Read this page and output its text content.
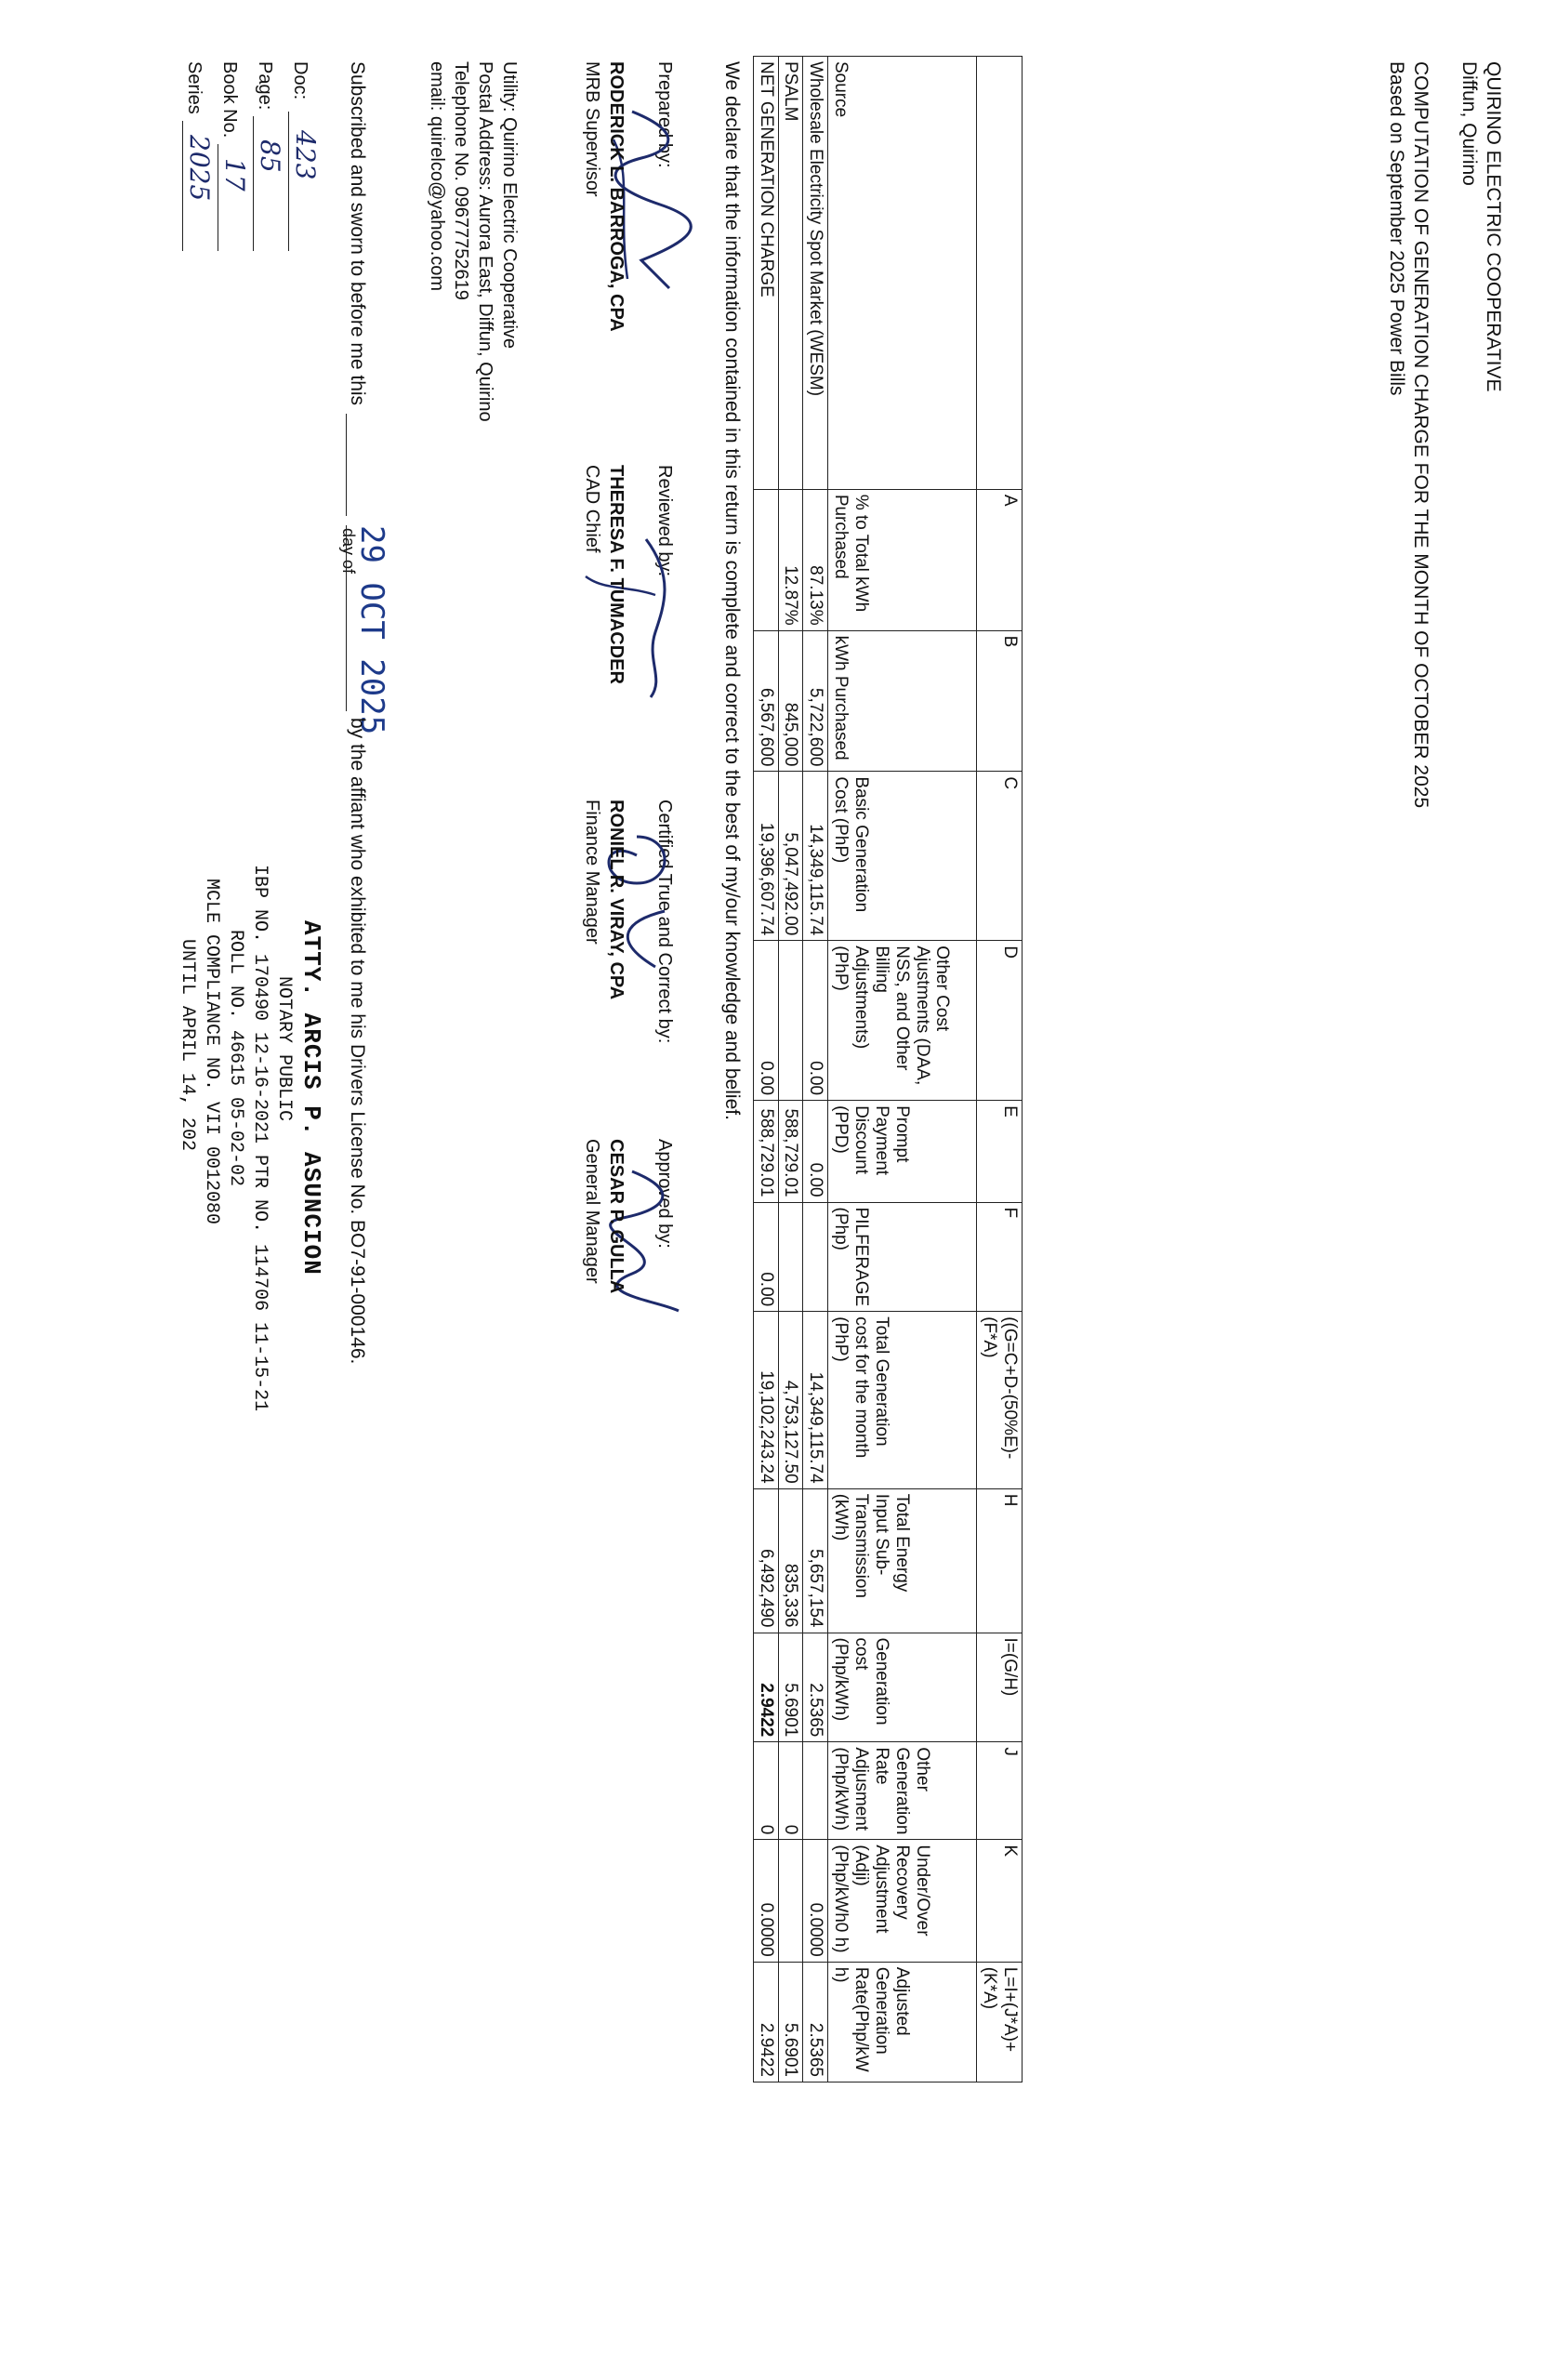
QUIRINO ELECTRIC COOPERATIVE
Diffun, Quirino
COMPUTATION OF GENERATION CHARGE FOR THE MONTH OF OCTOBER 2025
Based on September 2025 Power Bills
	A	B	C	D	E	F	((G=C+D-(50%E)-(F*A)	H	I=(G/H)	J	K	L=I+(J*A)+(K*A)
Source	% to Total kWh Purchased	kWh Purchased	Basic Generation Cost (PhP)	Other Cost Ajustments (DAA, NSS, and Other Billing Adjustments) (PhP)	Prompt Payment Discount (PPD)	PILFERAGE (Php)	Total Generation cost for the month (PhP)	Total Energy Input Sub-Transmission (kWh)	Generation cost (Php/kWh)	Other Generation Rate Adjusment (Php/kWh)	Under/Over Recovery Adjustment (Adji) (Php/kWh0 h)	Adjusted Generation Rate(Php/kW h)
Wholesale Electricity Spot Market (WESM)	87.13%	5,722,600	14,349,115.74	0.00	0.00		14,349,115.74	5,657,154	2.5365		0.0000	2.5365
PSALM	12.87%	845,000	5,047,492.00		588,729.01		4,753,127.50	835,336	5.6901	0		5.6901
NET GENERATION CHARGE		6,567,600	19,396,607.74	0.00	588,729.01	0.00	19,102,243.24	6,492,490	2.9422	0	0.0000	2.9422
We declare that the information contained in this return is complete and correct to the best of my/our knowledge and belief.
Prepared by:
RODERICK L. BARROGA, CPA
MRB Supervisor
Reviewed by:
THERESA F. TUMACDER
CAD Chief
Certified True and Correct by:
RONIEL R. VIRAY, CPA
Finance Manager
Approved by:
CESAR P. GULLA
General Manager
Utility: Quirino Electric Cooperative
Postal Address: Aurora East, Diffun, Quirino
Telephone No. 09677752619
email: quirelco@yahoo.com
Subscribed and sworn to before me this
29 OCT 2025
day of
by the affiant who exhibited to me his Drivers License No. BO7-91-000146.
ATTY. ARCIS P. ASUNCION
NOTARY PUBLIC
IBP NO. 170490 12-16-2021 PTR NO. 114706 11-15-21
ROLL NO. 46615 05-02-02
MCLE COMPLIANCE NO. VII 0012080
UNTIL APRIL 14, 202
Doc:
423
Page:
85
Book No.
17
Series
2025
